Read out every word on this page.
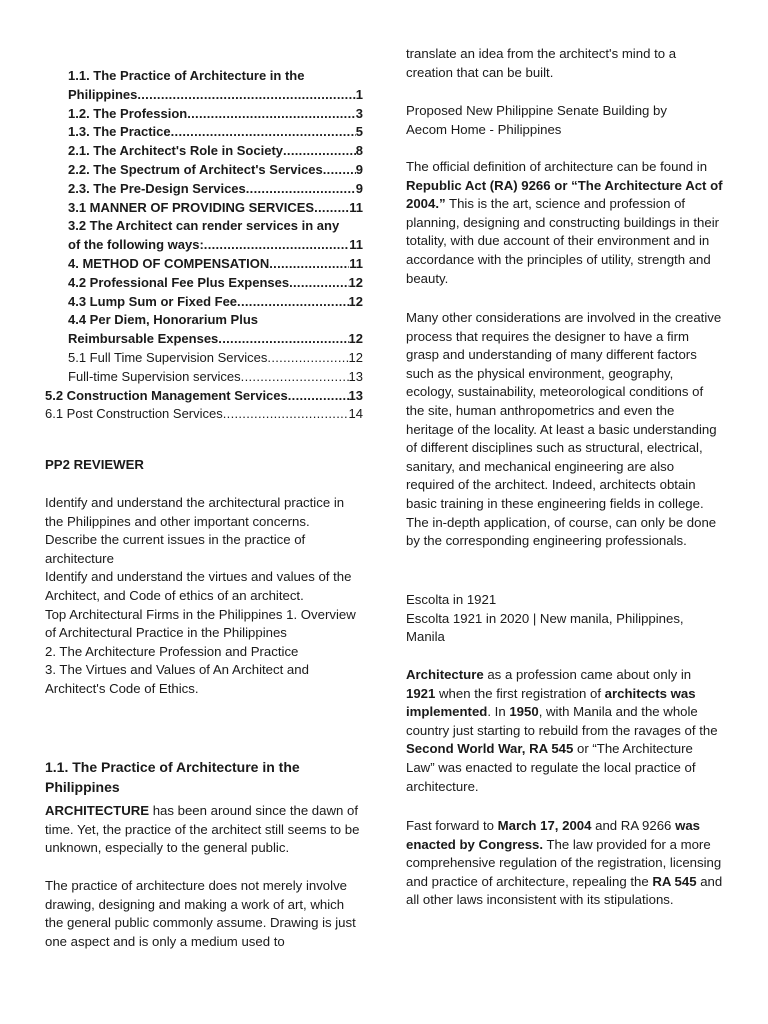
1.1. The Practice of Architecture in the
Philippines .....	1
1.2. The Profession .....	3
1.3. The Practice .....	5
2.1. The Architect's Role in Society .....	8
2.2. The Spectrum of Architect's Services .....	9
2.3. The Pre-Design Services .....	9
3.1 MANNER OF PROVIDING SERVICES .....	11
3.2 The Architect can render services in any
of the following ways: .....	11
4. METHOD OF COMPENSATION .....	11
4.2 Professional Fee Plus Expenses .....	12
4.3 Lump Sum or Fixed Fee .....	12
4.4 Per Diem, Honorarium Plus
Reimbursable Expenses .....	12
5.1 Full Time Supervision Services .....	12
Full-time Supervision services .....	13
5.2 Construction Management Services .....	13
6.1 Post Construction Services .....	14

PP2 REVIEWER

Identify and understand the architectural practice in the Philippines and other important concerns.

Describe the current issues in the practice of architecture

Identify and understand the virtues and values of the Architect, and Code of ethics of an architect.

Top Architectural Firms in the Philippines 1. Overview of Architectural Practice in the Philippines

2. The Architecture Profession and Practice

3. The Virtues and Values of An Architect and Architect's Code of Ethics.

1.1. The Practice of Architecture in the Philippines

ARCHITECTURE has been around since the dawn of time. Yet, the practice of the architect still seems to be unknown, especially to the general public.

The practice of architecture does not merely involve drawing, designing and making a work of art, which the general public commonly assume. Drawing is just one aspect and is only a medium used to

translate an idea from the architect's mind to a creation that can be built.

Proposed New Philippine Senate Building by Aecom Home - Philippines

The official definition of architecture can be found in Republic Act (RA) 9266 or “The Architecture Act of 2004.” This is the art, science and profession of planning, designing and constructing buildings in their totality, with due account of their environment and in accordance with the principles of utility, strength and beauty.

Many other considerations are involved in the creative process that requires the designer to have a firm grasp and understanding of many different factors such as the physical environment, geography, ecology, sustainability, meteorological conditions of the site, human anthropometrics and even the heritage of the locality. At least a basic understanding of different disciplines such as structural, electrical, sanitary, and mechanical engineering are also required of the architect. Indeed, architects obtain basic training in these engineering fields in college. The in-depth application, of course, can only be done by the corresponding engineering professionals.

Escolta in 1921

Escolta 1921 in 2020 | New manila, Philippines, Manila

Architecture as a profession came about only in 1921 when the first registration of architects was implemented. In 1950, with Manila and the whole country just starting to rebuild from the ravages of the Second World War, RA 545 or “The Architecture Law” was enacted to regulate the local practice of architecture.

Fast forward to March 17, 2004 and RA 9266 was enacted by Congress. The law provided for a more comprehensive regulation of the registration, licensing and practice of architecture, repealing the RA 545 and all other laws inconsistent with its stipulations.
